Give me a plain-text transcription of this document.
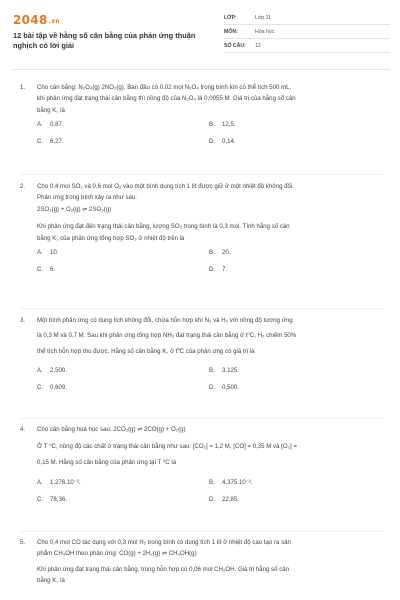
2048.vn
12 bài tập về hằng số cân bằng của phản ứng thuận nghịch có lời giải
LỚP:	Lớp 11
MÔN:	Hóa học
SỐ CÂU:	12
1. Cho cân bằng: N₂O₄(g) 2NO₂(g). Ban đầu có 0,02 mol N₂O₄ trong bình kín có thể tích 500 mL,
khi phản ứng đạt trạng thái cân bằng thì nồng độ của N₂O₄ là 0,0055 M. Giá trị của hằng số cân
bằng K꜀ là
A. 0,87.	B. 12,5.
C. 6,27.	D. 0,14.
2. Cho 0,4 mol SO₂ và 0,6 mol O₂ vào một bình dung tích 1 lít được giữ ở một nhiệt độ không đổi.
Phản ứng trong bình xảy ra như sau:
2SO₂(g) + O₂(g) ⇌ 2SO₃(g)
Khi phản ứng đạt đến trạng thái cân bằng, lượng SO₃ trong bình là 0,3 mol. Tính hằng số cân
bằng K꜀ của phản ứng tổng hợp SO₃ ở nhiệt độ trên là
A. 10.	B. 20.
C. 6.	D. 7.
3. Một bình phản ứng có dung tích không đổi, chứa hỗn hợp khí N₂ và H₂ với nồng độ tương ứng
là 0,3 M và 0,7 M. Sau khi phản ứng tổng hợp NH₃ đạt trạng thái cân bằng ở t⁰C, H₂ chiếm 50%
thể tích hỗn hợp thu được. Hằng số cân bằng K꜀ ở t⁰C của phản ứng có giá trị là
A. 2,500.	B. 3,125.
C. 0,609.	D. 0,500.
4. Cho cân bằng hoá học sau: 2CO₂(g) ⇌ 2CO(g) + O₂(g)
Ở T ⁰C, nồng độ các chất ở trạng thái cân bằng như sau: [CO₂] = 1,2 M, [CO] = 0,35 M và [O₂] =
0,15 M. Hằng số cân bằng của phản ứng tại T ⁰C là
A. 1,276.10⁻².	B. 4,375.10⁻².
C. 78,36.	D. 22,85.
5. Cho 0,4 mol CO tác dụng với 0,3 mol H₂ trong bình có dung tích 1 lít ở nhiệt độ cao tạo ra sản
phẩm CH₃OH theo phản ứng: CO(g) + 2H₂(g) ⇌ CH₃OH(g)
Khi phản ứng đạt trạng thái cân bằng, trong hỗn hợp có 0,06 mol CH₃OH. Giá trị hằng số cân
bằng K꜀ là
